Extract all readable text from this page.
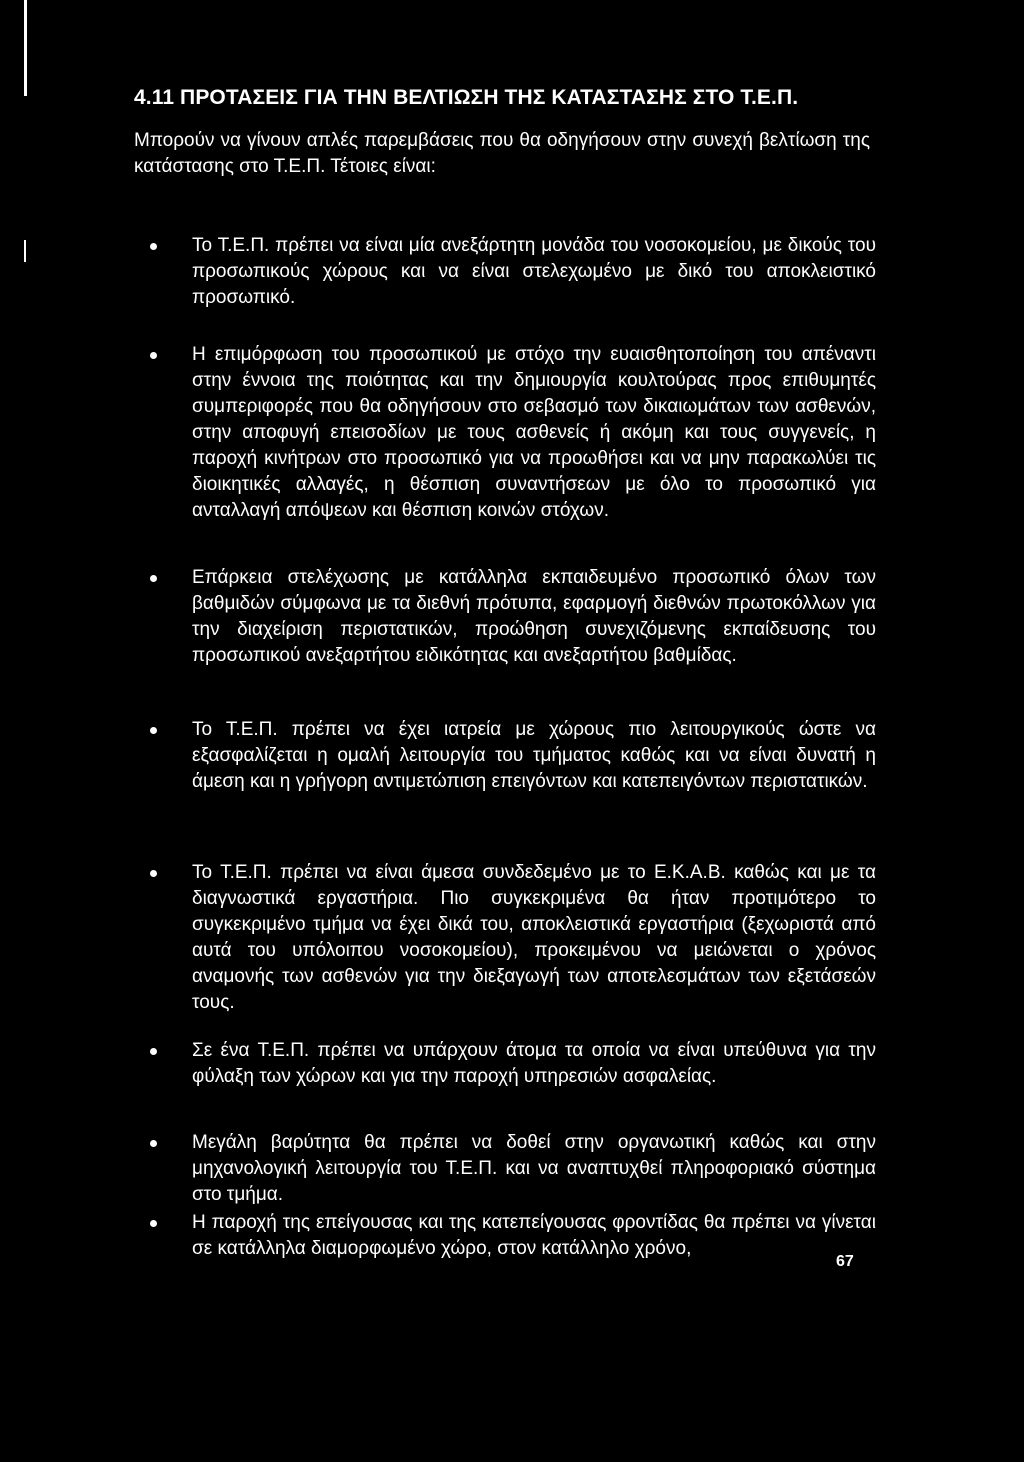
4.11 ΠΡΟΤΑΣΕΙΣ ΓΙΑ ΤΗΝ ΒΕΛΤΙΩΣΗ ΤΗΣ ΚΑΤΑΣΤΑΣΗΣ ΣΤΟ Τ.Ε.Π.
Μπορούν να γίνουν απλές παρεμβάσεις που θα οδηγήσουν στην συνεχή βελτίωση της κατάστασης στο Τ.Ε.Π. Τέτοιες είναι:
Το Τ.Ε.Π. πρέπει να είναι μία ανεξάρτητη μονάδα του νοσοκομείου, με δικούς του προσωπικούς χώρους και να είναι στελεχωμένο με δικό του αποκλειστικό προσωπικό.
Η επιμόρφωση του προσωπικού με στόχο την ευαισθητοποίηση του απέναντι στην έννοια της ποιότητας και την δημιουργία κουλτούρας προς επιθυμητές συμπεριφορές που θα οδηγήσουν στο σεβασμό των δικαιωμάτων των ασθενών, στην αποφυγή επεισοδίων με τους ασθενείς ή ακόμη και τους συγγενείς, η παροχή κινήτρων στο προσωπικό για να προωθήσει και να μην παρακωλύει τις διοικητικές αλλαγές, η θέσπιση συναντήσεων με όλο το προσωπικό για ανταλλαγή απόψεων και θέσπιση κοινών στόχων.
Επάρκεια στελέχωσης με κατάλληλα εκπαιδευμένο προσωπικό όλων των βαθμιδών σύμφωνα με τα διεθνή πρότυπα, εφαρμογή διεθνών πρωτοκόλλων για την διαχείριση περιστατικών, προώθηση συνεχιζόμενης εκπαίδευσης του προσωπικού ανεξαρτήτου ειδικότητας και ανεξαρτήτου βαθμίδας.
Το Τ.Ε.Π. πρέπει να έχει ιατρεία με χώρους πιο λειτουργικούς ώστε να εξασφαλίζεται η ομαλή λειτουργία του τμήματος καθώς και να είναι δυνατή η άμεση και η γρήγορη αντιμετώπιση επειγόντων και κατεπειγόντων περιστατικών.
Το Τ.Ε.Π. πρέπει να είναι άμεσα συνδεδεμένο με το Ε.Κ.Α.Β. καθώς και με τα διαγνωστικά εργαστήρια. Πιο συγκεκριμένα θα ήταν προτιμότερο το συγκεκριμένο τμήμα να έχει δικά του, αποκλειστικά εργαστήρια (ξεχωριστά από αυτά του υπόλοιπου νοσοκομείου), προκειμένου να μειώνεται ο χρόνος αναμονής των ασθενών για την διεξαγωγή των αποτελεσμάτων των εξετάσεών τους.
Σε ένα Τ.Ε.Π. πρέπει να υπάρχουν άτομα τα οποία να είναι υπεύθυνα για την φύλαξη των χώρων και για την παροχή υπηρεσιών ασφαλείας.
Μεγάλη βαρύτητα θα πρέπει να δοθεί στην οργανωτική καθώς και στην μηχανολογική λειτουργία του Τ.Ε.Π. και να αναπτυχθεί πληροφοριακό σύστημα στο τμήμα.
Η παροχή της επείγουσας και της κατεπείγουσας φροντίδας θα πρέπει να γίνεται σε κατάλληλα διαμορφωμένο χώρο, στον κατάλληλο χρόνο,
67
